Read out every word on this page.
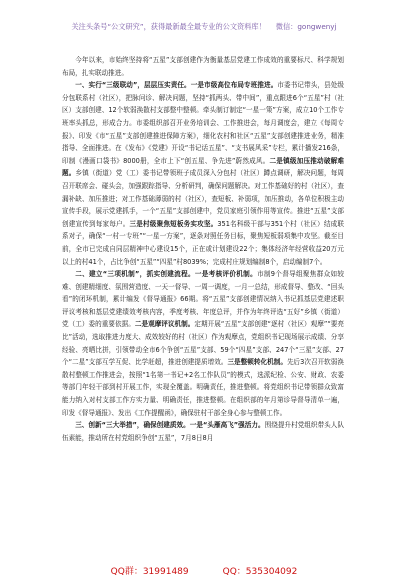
关注头条号“公文研究”，获得最新最全最专业的公文资料库！ 微信：gongwenyj

今年以来，市始终坚持将“五星”支部创建作为衡量基层党建工作成效的重要标尺、科学规划布局，扎实联动推进。

一、实行“三级联动”，层层压实责任。一是市级高位布局专班推进。市委书记带头，县处级分包联系村（社区），把脉问诊、解决问题，坚持“抓两头、带中间”，重点跟进6个“五星”村（社区）支部创建、12个软弱涣散村支部整中整顿。牵头制订制定“一星一策”方案，成立10个工作专班率头抓总，形成合力。市委组织部召开业务培训会、工作推进会，每月调度会，建立《每周专报》、印发《市“五星”支部创建推进保障方案》，细化农村和社区“五星”支部创建推进业务，精准指导、全面推进。在《发布》《党建》开设“书记话五星”、“支书展风采”专栏，累计播发216条，印制《漫画口袋书》8000册，全市上下“创五星、争先进”蔚然成风。二是镇级加压推动破解难题。乡镇（街道）党（工）委书记带领班子成员深入分包村（社区）蹲点调研，解决问题，每周召开联席会、碰头会，加强跟踪指导、分析研判，确保问题解决。对工作基础好的村（社区），查漏补缺、加压推进；对工作基础薄弱的村（社区），查短板、补弱项，加压推动，各单位积极主动宣传手段，展示党建抓手，一个“五星”支部创建中，党员家庭引领作用等宣传。推进“五星”支部创建宣传到每家每户。三是村级聚焦短板务实攻坚。351名科级干部与351个村（社区）结成联系对子，确保“一村一专班”“一星一方案”，逐条对照任务目标，聚焦短板弱项集中攻坚。截至目前，全市已完成自同层精神中心建设15个，正在或计划建设22个；集体经济年经营收益20万元以上的村41个，占比争创“五星”“四星”村8039%；完成村庄规划编制8个，启动编制7个。

二、建立“三项机制”，抓实创建流程。一是考核评价机制。市制9个督导组聚焦群众如较难、创建精细度、氛围营造度、一天一督导、一周一调度，一月一总结，形成督导、整改、“回头看”的闭环机制，累计编发《督导通报》66期。将“五星”支部创建情况纳入书记抓基层党建述职评议考核和基层党建绩效考核内容，季度考核、年度总评，并作为年终评选“五好”乡镇（街道）党（工）委的重要依据。二是观摩评议机制。定期开展“五星”支部创建“逐村（社区）观摩”“要亮比”活动，选取推进力度大、成效较好的村（社区）作为观摩点，党组织书记现场展示成绩、分享经验、亮晒比拼，引领带动全市6个争创“五星”支部、59个“四星”支部、247个“三星”支部、27个“二星”支部互学互促、比学赶超，推进创建提质增效。三是整顿转化机制。先后3次召开软弱涣散村整顿工作推进会，按照“1名第一书记+2名工作队员”的模式，选派纪检、公安、财政、农委等部门年轻干部到村开展工作，实现全覆盖。明确责任，推进整顿。将党组织书记带领群众致富能力纳入对村支部工作方实力量、明确责任，推进整顿。在组织部的年月第诊导督导清单一遍，印发《督导通报》、发出《工作提醒函》，确保驻村干部全身心参与整顿工作。

三、创新“三大举措”，确保创建质效。一是“头雁高飞”强活力。围绕提升村党组织带头人队伍素能，推动所在村党组织争创“五星”，7月8日8月

QQ群：31991489	QQ：535304092
